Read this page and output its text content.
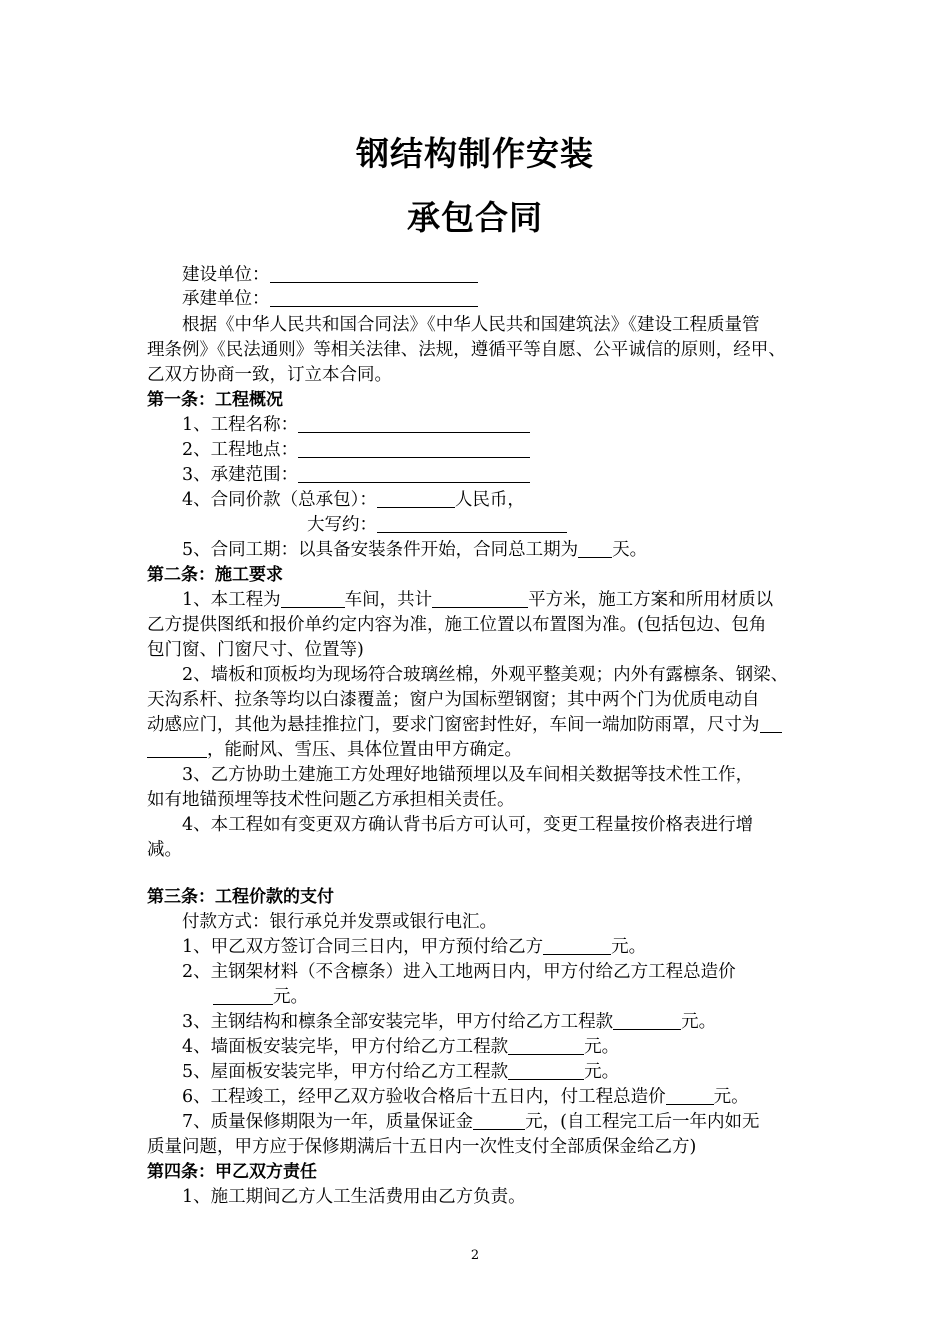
钢结构制作安装
承包合同
建设单位：
承建单位：
根据《中华人民共和国合同法》《中华人民共和国建筑法》《建设工程质量管
理条例》《民法通则》等相关法律、法规，遵循平等自愿、公平诚信的原则，经甲、
乙双方协商一致，订立本合同。
第一条：工程概况
1、工程名称：
2、工程地点：
3、承建范围：
4、合同价款（总承包）：	人民币，
大写约：
5、合同工期：以具备安装条件开始，合同总工期为 天。
第二条：施工要求
1、本工程为	车间，共计	平方米，施工方案和所用材质以
乙方提供图纸和报价单约定内容为准，施工位置以布置图为准。(包括包边、包角
包门窗、门窗尺寸、位置等)
2、墙板和顶板均为现场符合玻璃丝棉，外观平整美观；内外有露檩条、钢梁、
天沟系杆、拉条等均以白漆覆盖；窗户为国标塑钢窗；其中两个门为优质电动自
动感应门，其他为悬挂推拉门，要求门窗密封性好，车间一端加防雨罩，尺寸为
，能耐风、雪压、具体位置由甲方确定。
3、乙方协助土建施工方处理好地锚预埋以及车间相关数据等技术性工作，
如有地锚预埋等技术性问题乙方承担相关责任。
4、本工程如有变更双方确认背书后方可认可，变更工程量按价格表进行增
减。
第三条：工程价款的支付
付款方式：银行承兑并发票或银行电汇。
1、甲乙双方签订合同三日内，甲方预付给乙方	元。
2、主钢架材料（不含檩条）进入工地两日内，甲方付给乙方工程总造价
元。
3、主钢结构和檩条全部安装完毕，甲方付给乙方工程款	元。
4、墙面板安装完毕，甲方付给乙方工程款	元。
5、屋面板安装完毕，甲方付给乙方工程款	元。
6、工程竣工，经甲乙双方验收合格后十五日内，付工程总造价	元。
7、质量保修期限为一年，质量保证金	元，(自工程完工后一年内如无
质量问题，甲方应于保修期满后十五日内一次性支付全部质保金给乙方)
第四条：甲乙双方责任
1、施工期间乙方人工生活费用由乙方负责。
2
